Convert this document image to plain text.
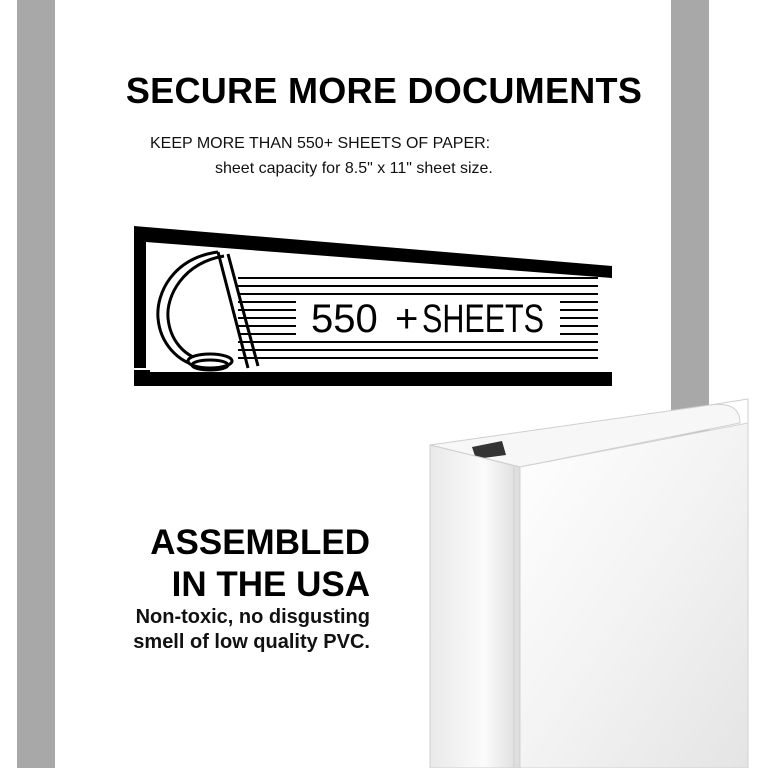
SECURE MORE DOCUMENTS
KEEP MORE THAN 550+ SHEETS OF PAPER:
sheet capacity for 8.5" x 11" sheet size.
550 + SHEETS
ASSEMBLED
IN THE USA
Non-toxic, no disgusting
smell of low quality PVC.
